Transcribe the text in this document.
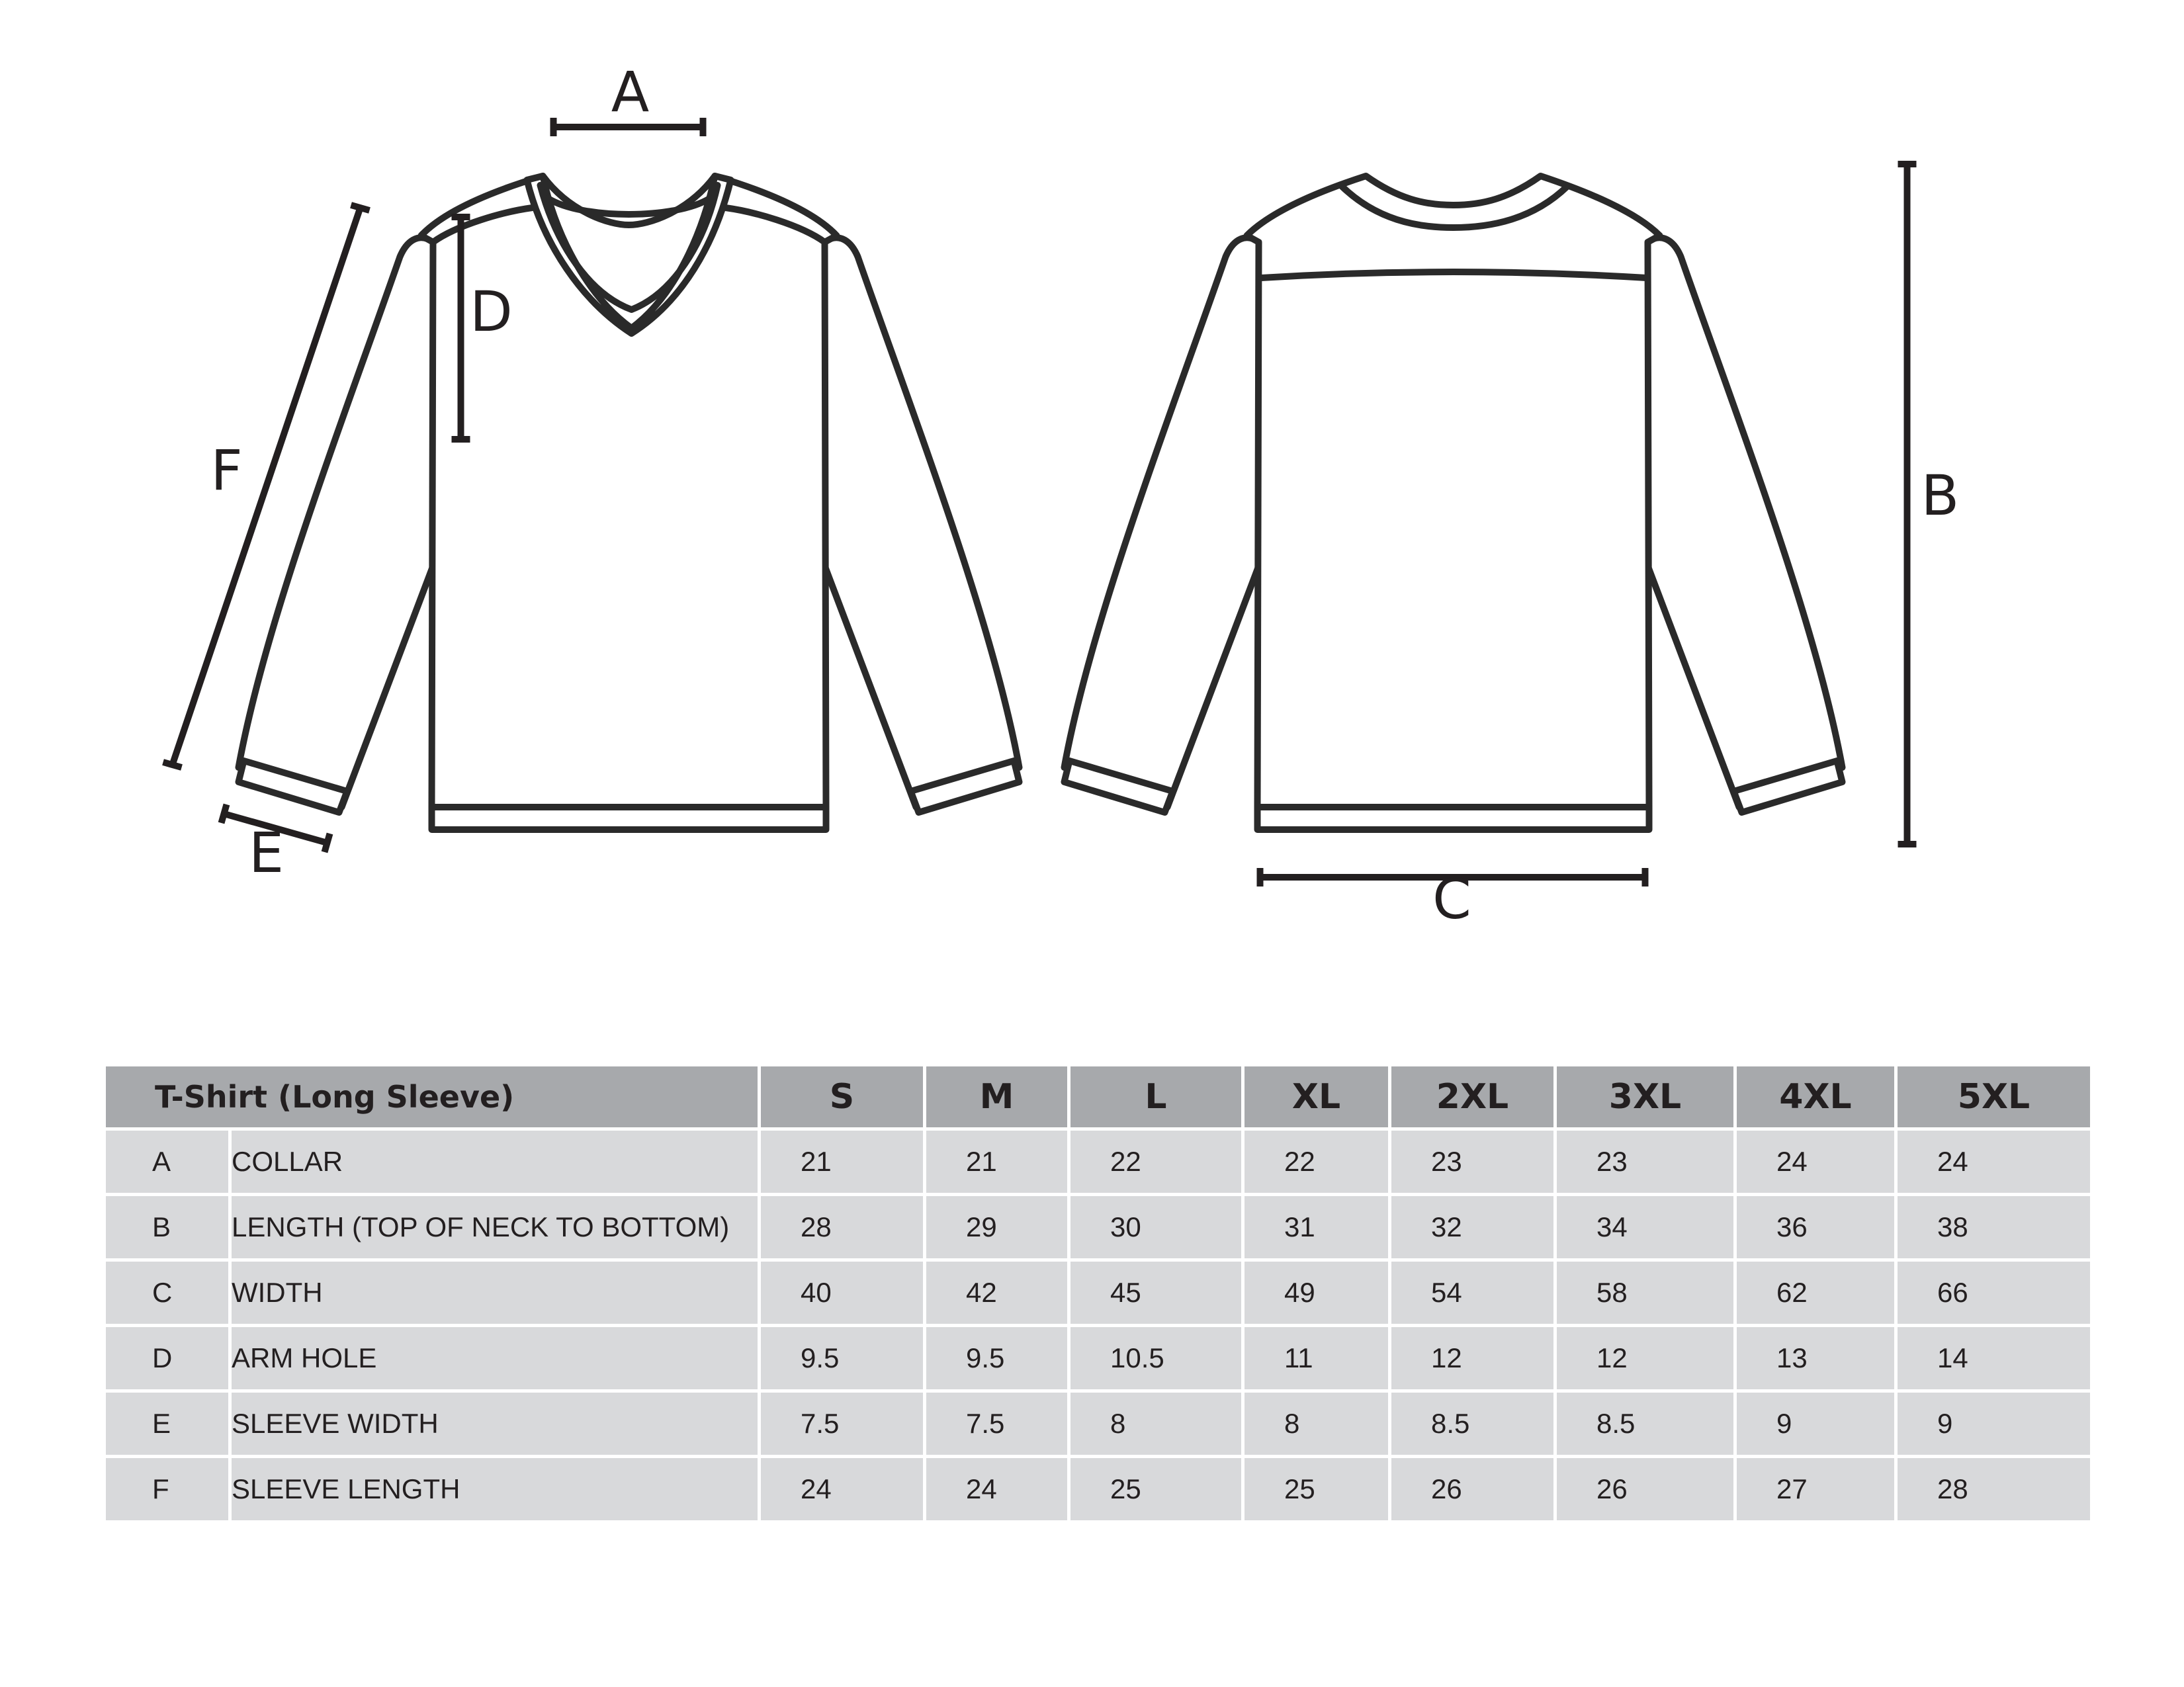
A
D
F
E
C
B
T-Shirt (Long Sleeve)		S	M	L	XL	2XL	3XL	4XL	5XL
A	COLLAR	21	21	22	22	23	23	24	24
B	LENGTH (TOP OF NECK TO BOTTOM)	28	29	30	31	32	34	36	38
C	WIDTH	40	42	45	49	54	58	62	66
D	ARM HOLE	9.5	9.5	10.5	11	12	12	13	14
E	SLEEVE WIDTH	7.5	7.5	8	8	8.5	8.5	9	9
F	SLEEVE LENGTH	24	24	25	25	26	26	27	28
